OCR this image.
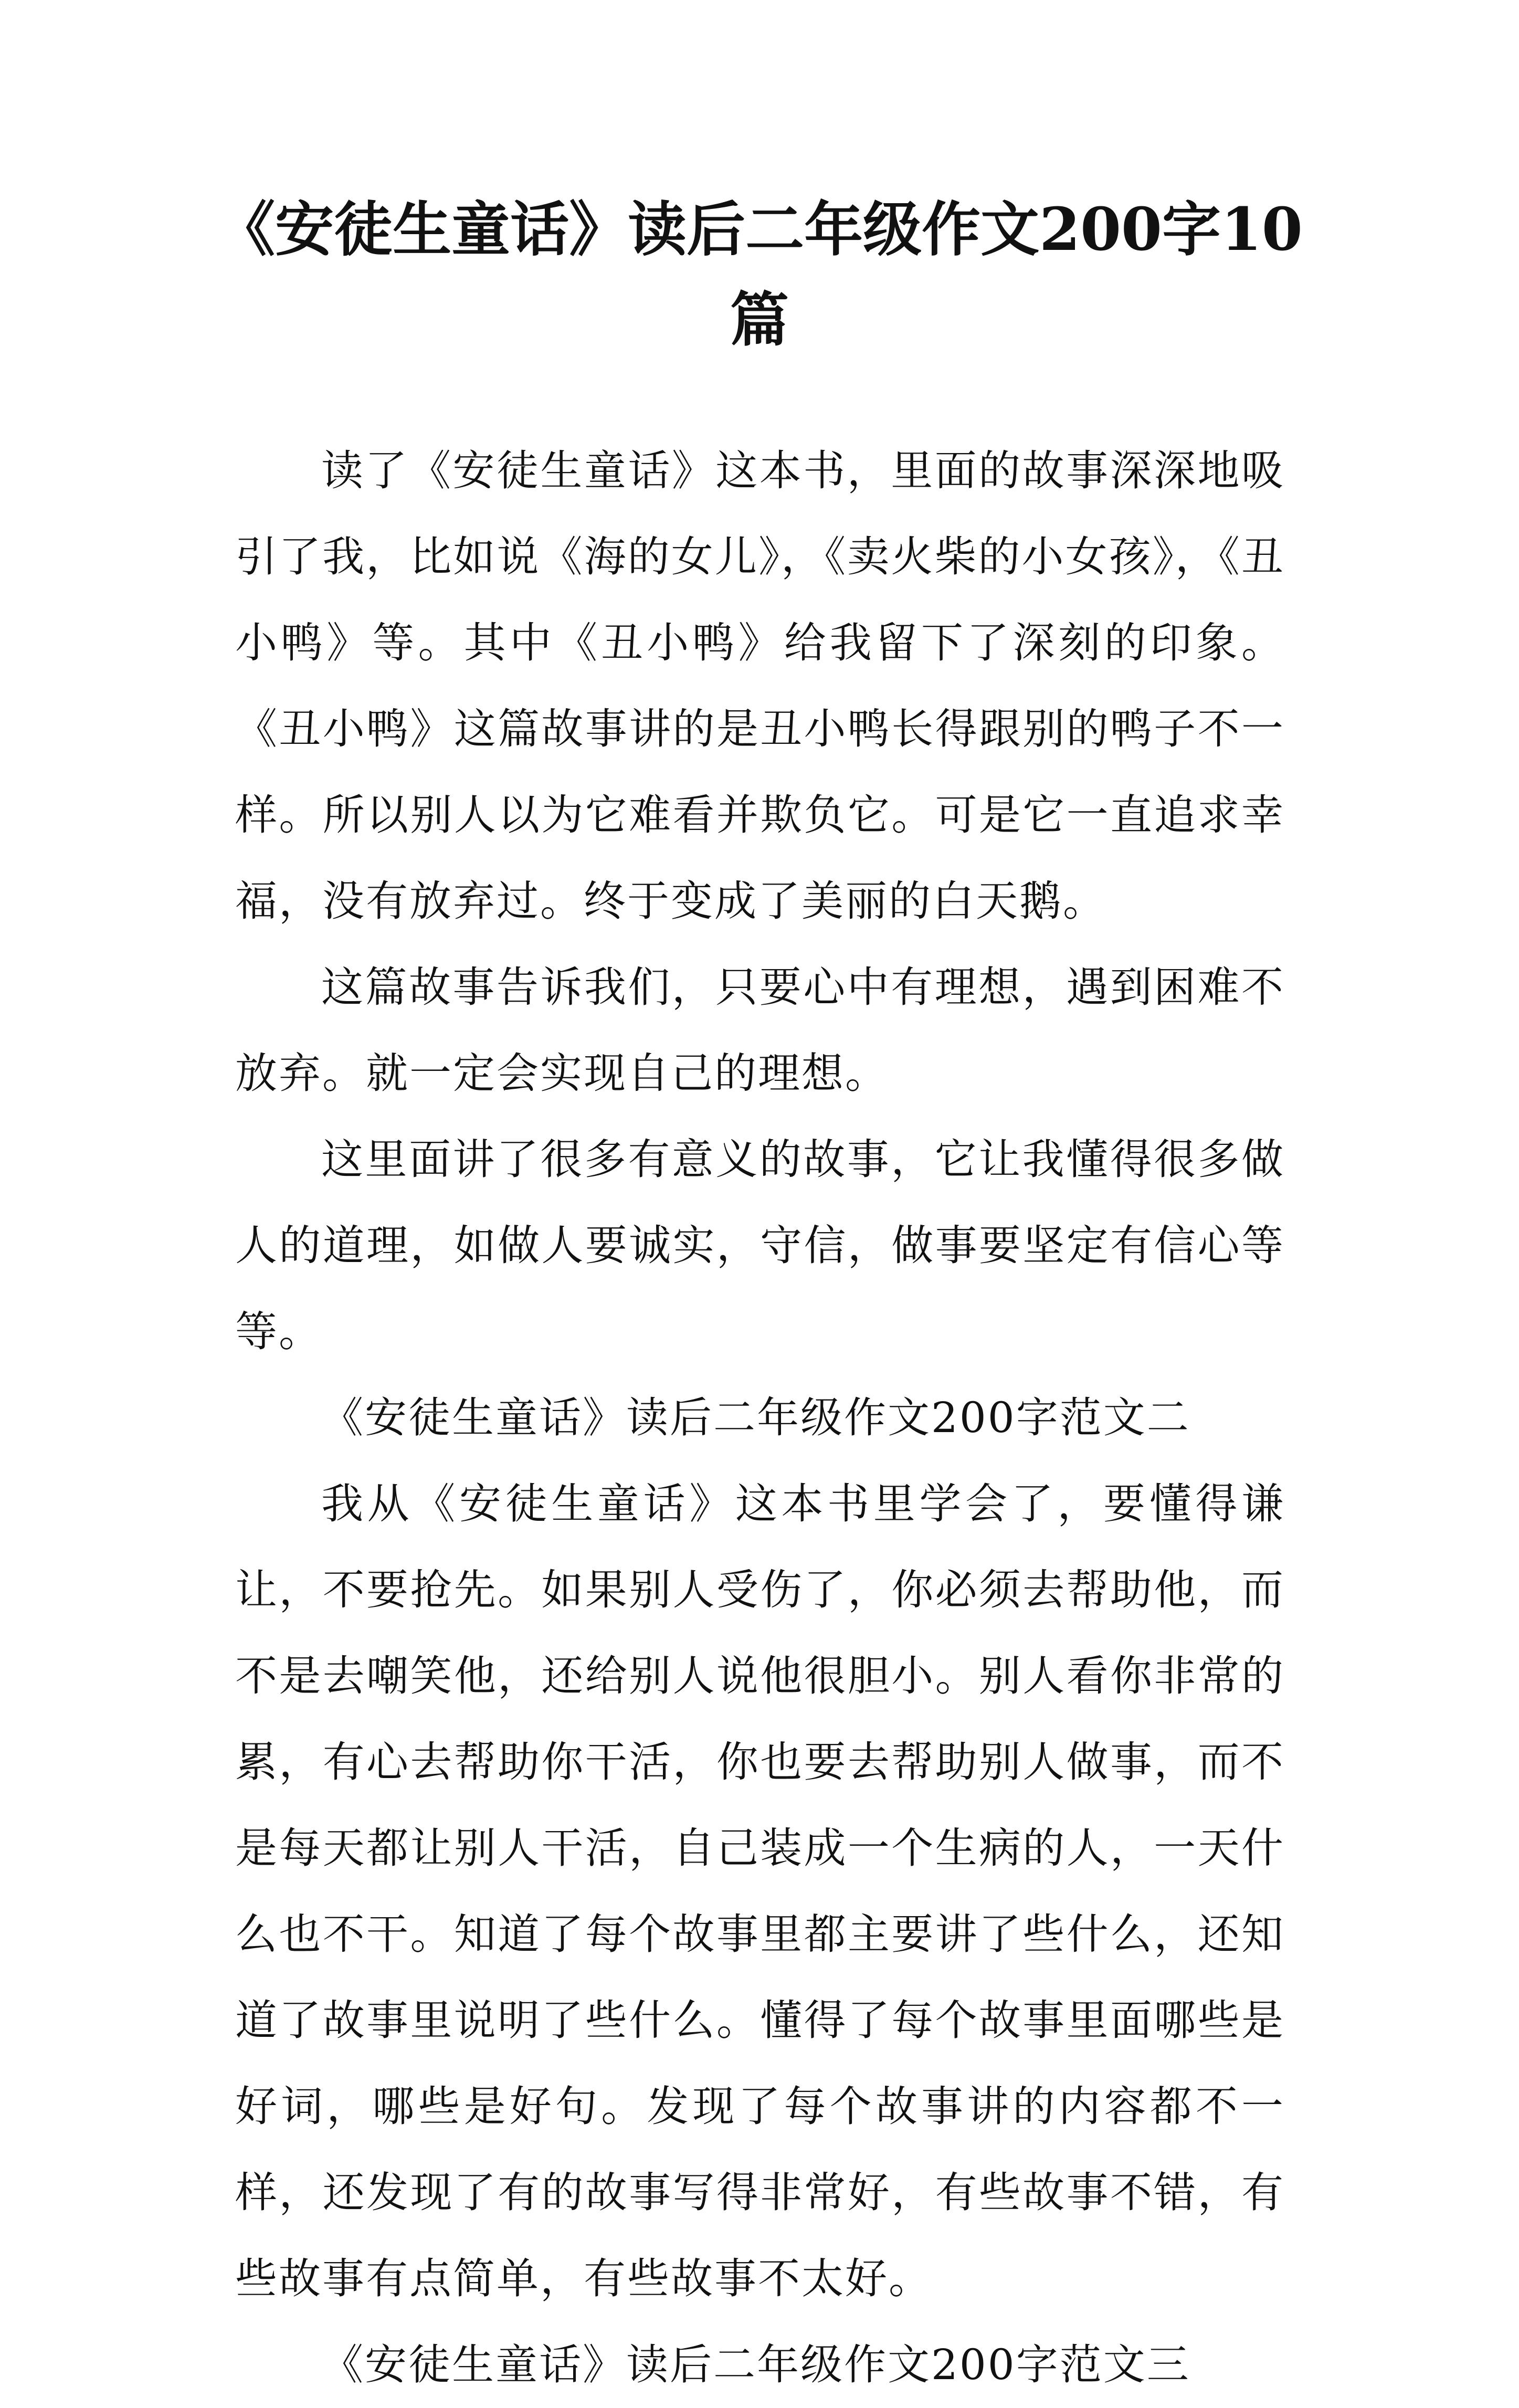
《安徒生童话》读后二年级作文200字10篇

读了《安徒生童话》这本书，里面的故事深深地吸引了我，比如说《海的女儿》，《卖火柴的小女孩》，《丑小鸭》等。其中《丑小鸭》给我留下了深刻的印象。《丑小鸭》这篇故事讲的是丑小鸭长得跟别的鸭子不一样。所以别人以为它难看并欺负它。可是它一直追求幸福，没有放弃过。终于变成了美丽的白天鹅。

这篇故事告诉我们，只要心中有理想，遇到困难不放弃。就一定会实现自己的理想。

这里面讲了很多有意义的故事，它让我懂得很多做人的道理，如做人要诚实，守信，做事要坚定有信心等等。

《安徒生童话》读后二年级作文200字范文二

我从《安徒生童话》这本书里学会了，要懂得谦让，不要抢先。如果别人受伤了，你必须去帮助他，而不是去嘲笑他，还给别人说他很胆小。别人看你非常的累，有心去帮助你干活，你也要去帮助别人做事，而不是每天都让别人干活，自己装成一个生病的人，一天什么也不干。知道了每个故事里都主要讲了些什么，还知道了故事里说明了些什么。懂得了每个故事里面哪些是好词，哪些是好句。发现了每个故事讲的内容都不一样，还发现了有的故事写得非常好，有些故事不错，有些故事有点简单，有些故事不太好。

《安徒生童话》读后二年级作文200字范文三
